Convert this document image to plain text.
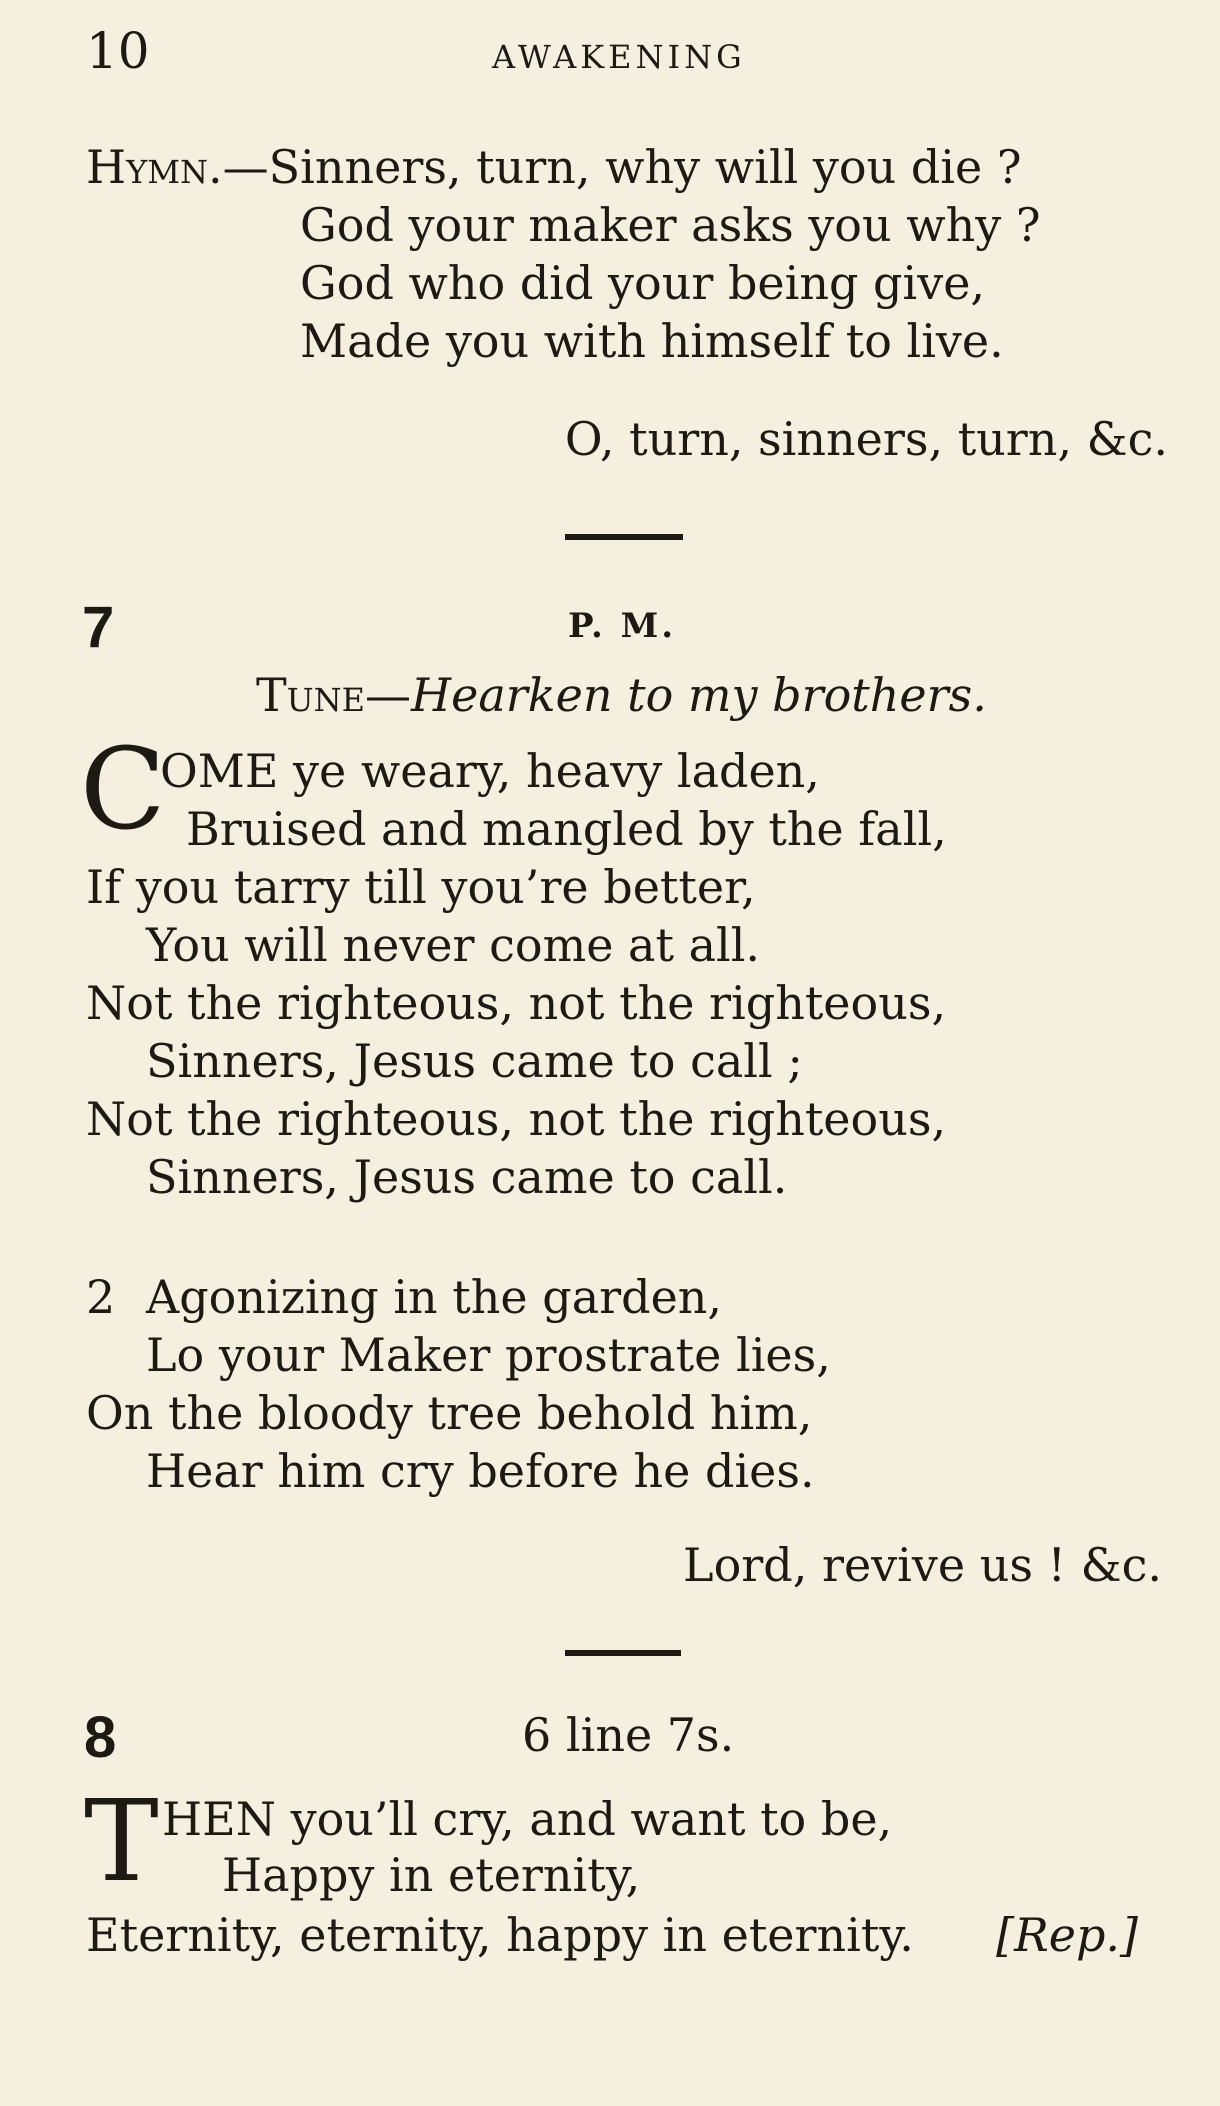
10	AWAKENING
Hymn.—Sinners, turn, why will you die ?
God your maker asks you why ?
God who did your being give,
Made you with himself to live.
O, turn, sinners, turn, &c.
7	P. M.
Tune—Hearken to my brothers.
C
OME ye weary, heavy laden,
Bruised and mangled by the fall,
If you tarry till you’re better,
You will never come at all.
Not the righteous, not the righteous,
Sinners, Jesus came to call ;
Not the righteous, not the righteous,
Sinners, Jesus came to call.
2 Agonizing in the garden,
Lo your Maker prostrate lies,
On the bloody tree behold him,
Hear him cry before he dies.
Lord, revive us ! &c.
8	6 line 7s.
T HEN you’ll cry, and want to be,
Happy in eternity,
Eternity, eternity, happy in eternity. [Rep.]
